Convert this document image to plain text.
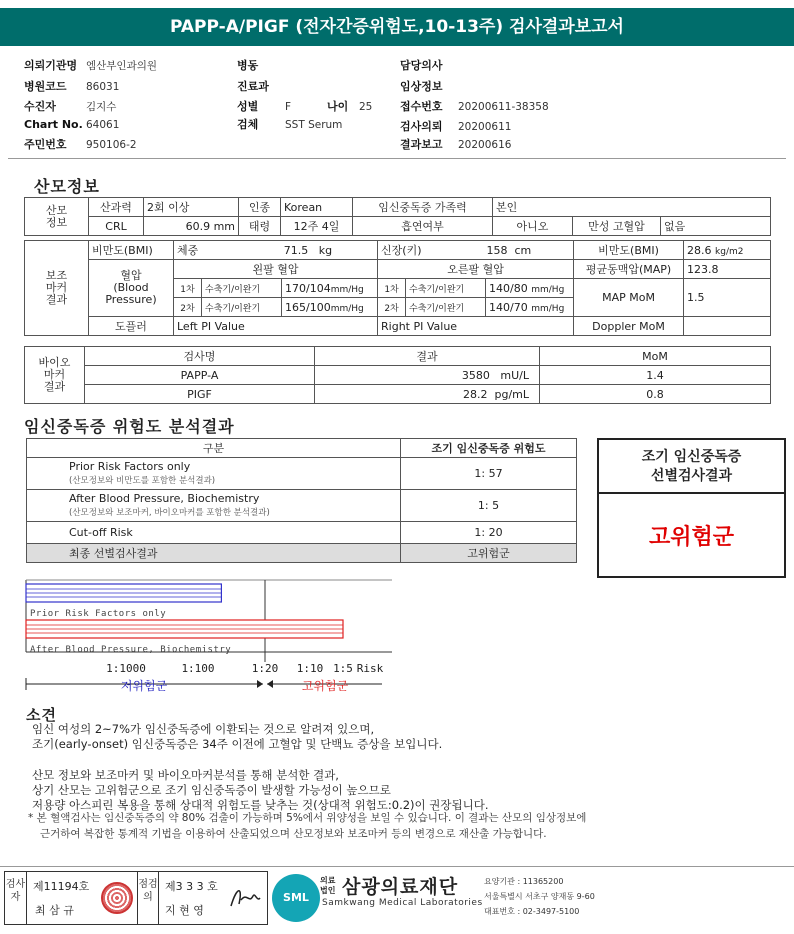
PAPP-A/PIGF (전자간증위험도,10-13주) 검사결과보고서
의뢰기관명 엠산부인과의원
병원코드 86031
수진자	김지수
Chart No. 64061
주민번호 950106-2
병동
진료과
성별	F	나이 25
검체	SST Serum
담당의사
임상정보
접수번호 20200611-38358
검사의뢰 20200611
결과보고 20200616
산모정보
산모
정보	산과력	2회 이상	인종	Korean	임신중독증 가족력	본인		
	CRL	60.9 mm	태령	12주 4일	흡연여부	아니오	만성 고혈압	없음
보조
마커
결과	비만도(BMI)	체중 71.5 kg			신장(키) 158 cm			비만도(BMI)	28.6 kg/m2
	혈압
(Blood
Pressure)	왼팔 혈압			오른팔 혈압			평균동맥압(MAP)	123.8
		1차	수축기/이완기	170/104mm/Hg	1차	수축기/이완기	140/80 mm/Hg	MAP MoM	1.5
		2차	수축기/이완기	165/100mm/Hg	2차	수축기/이완기	140/70 mm/Hg		
	도플러	Left PI Value			Right PI Value			Doppler MoM	
바이오
마커
결과	검사명	결과	MoM
	PAPP-A	3580 mU/L	1.4
	PIGF	28.2 pg/mL	0.8
임신중독증 위험도 분석결과
구분	조기 임신중독증 위험도
Prior Risk Factors only
(산모정보와 비만도를 포함한 분석결과)	1: 57
After Blood Pressure, Biochemistry
(산모정보와 보조마커, 바이오마커를 포함한 분석결과)	1: 5
Cut-off Risk	1: 20
최종 선별검사결과	고위험군
조기 임신중독증
선별검사결과
고위험군
Prior Risk Factors only
After Blood Pressure, Biochemistry
1:1000	1:100	1:20 1:10 1:5 Risk
저위험군	고위험군
소견

임신 여성의 2~7%가 임신중독증에 이환되는 것으로 알려져 있으며,

조기(early-onset) 임신중독증은 34주 이전에 고혈압 및 단백뇨 증상을 보입니다.

산모 정보와 보조마커 및 바이오마커분석를 통해 분석한 결과,

상기 산모는 고위험군으로 조기 임신중독증이 발생할 가능성이 높으므로

저용량 아스피린 복용을 통해 상대적 위험도를 낮추는 것(상대적 위험도:0.2)이 권장됩니다.

* 본 혈액검사는 임신중독증의 약 80% 검출이 가능하며 5%에서 위양성을 보일 수 있습니다. 이 결과는 산모의 임상정보에
근거하여 복잡한 통계적 기법을 이용하여 산출되었으며 산모정보와 보조마커 등의 변경으로 재산출 가능합니다.
검사자
제11194호
최 삼 규
점검의
제3 3 3 호
지 현 영
SML
의료법인 삼광의료재단
Samkwang Medical Laboratories
요양기관 : 11365200
서울특별시 서초구 양재동 9-60
대표번호 : 02-3497-5100
